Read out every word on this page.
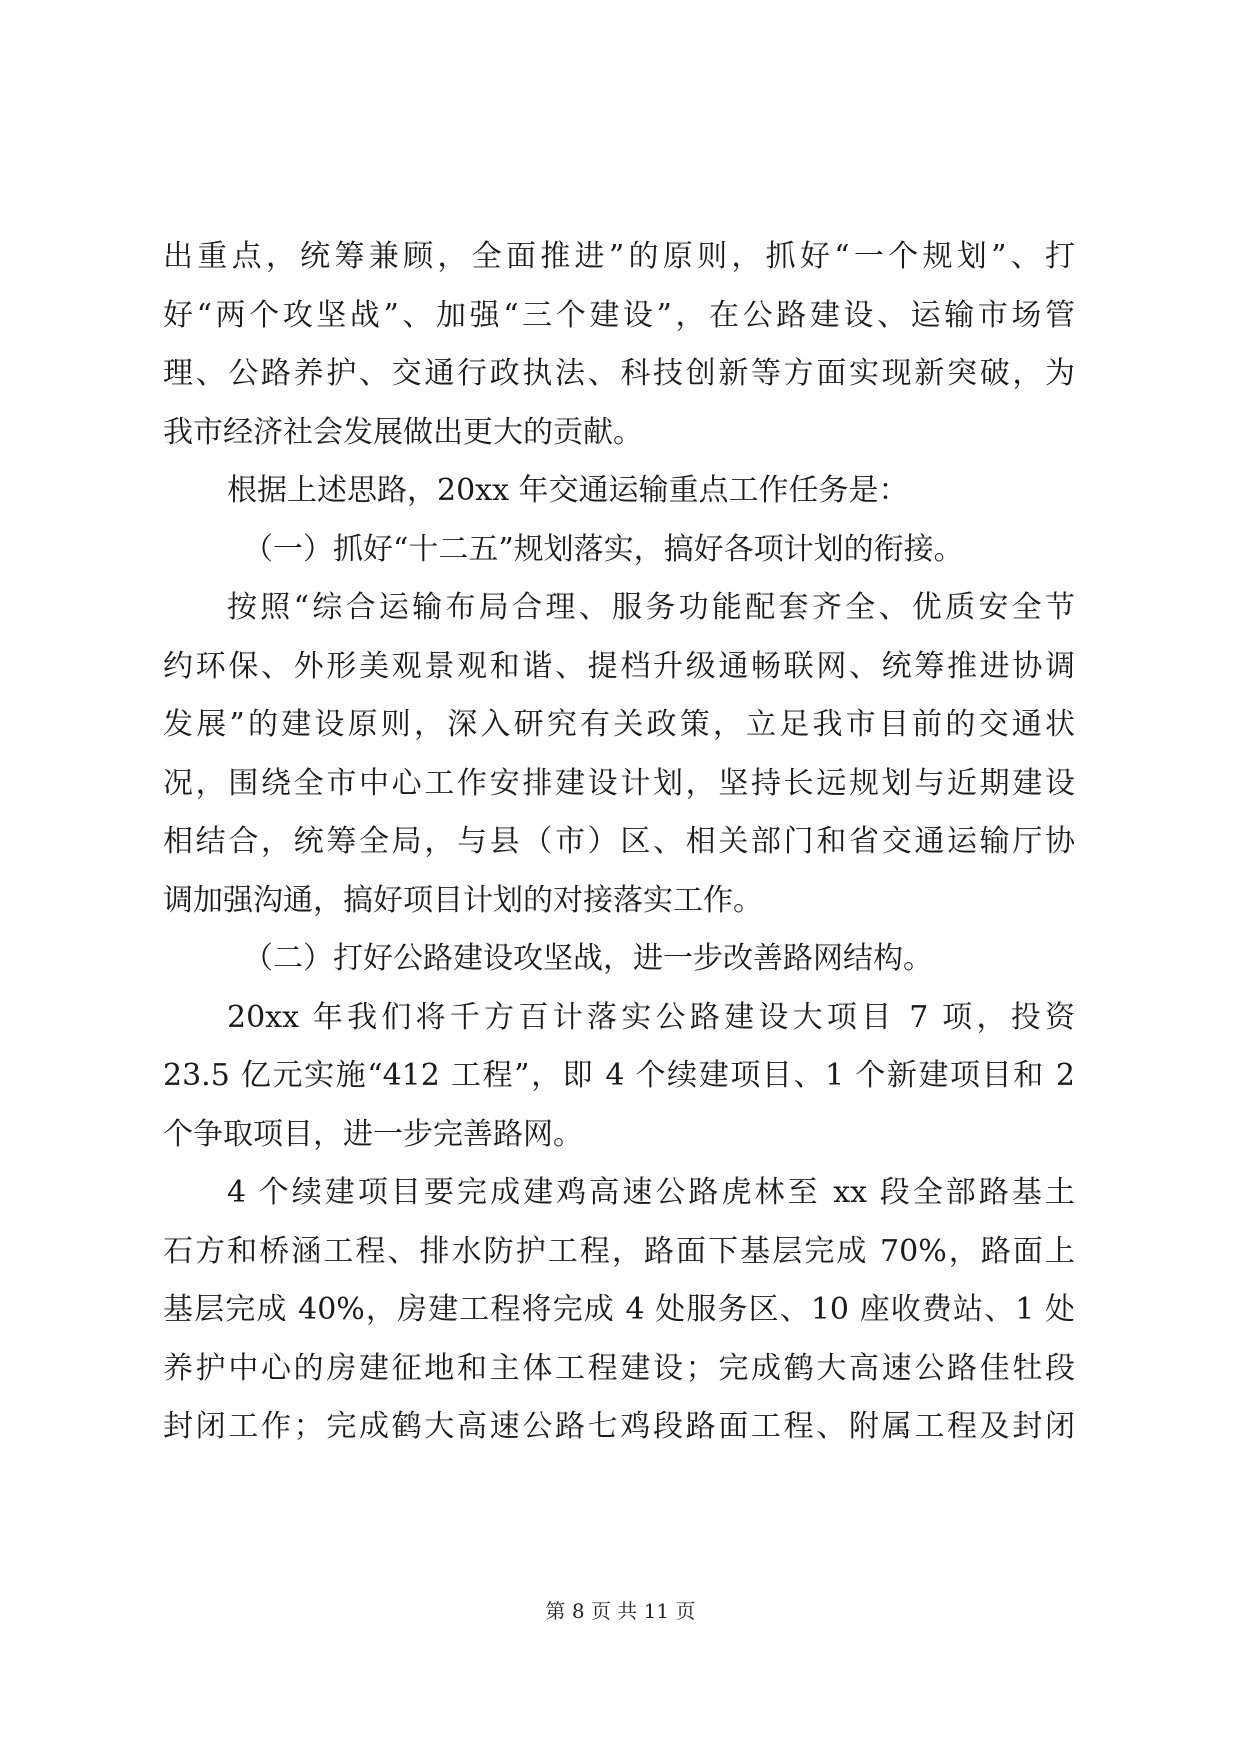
出重点，统筹兼顾，全面推进”的原则，抓好“一个规划”、打
好“两个攻坚战”、加强“三个建设”，在公路建设、运输市场管
理、公路养护、交通行政执法、科技创新等方面实现新突破，为
我市经济社会发展做出更大的贡献。
根据上述思路，20xx 年交通运输重点工作任务是：
（一）抓好“十二五”规划落实，搞好各项计划的衔接。
按照“综合运输布局合理、服务功能配套齐全、优质安全节
约环保、外形美观景观和谐、提档升级通畅联网、统筹推进协调
发展”的建设原则，深入研究有关政策，立足我市目前的交通状
况，围绕全市中心工作安排建设计划，坚持长远规划与近期建设
相结合，统筹全局，与县（市）区、相关部门和省交通运输厅协
调加强沟通，搞好项目计划的对接落实工作。
（二）打好公路建设攻坚战，进一步改善路网结构。
20xx 年我们将千方百计落实公路建设大项目 7 项，投资
23.5 亿元实施“412 工程”，即 4 个续建项目、1 个新建项目和 2
个争取项目，进一步完善路网。
4 个续建项目要完成建鸡高速公路虎林至 xx 段全部路基土
石方和桥涵工程、排水防护工程，路面下基层完成 70%，路面上
基层完成 40%，房建工程将完成 4 处服务区、10 座收费站、1 处
养护中心的房建征地和主体工程建设；完成鹤大高速公路佳牡段
封闭工作；完成鹤大高速公路七鸡段路面工程、附属工程及封闭
第 8 页 共 11 页
